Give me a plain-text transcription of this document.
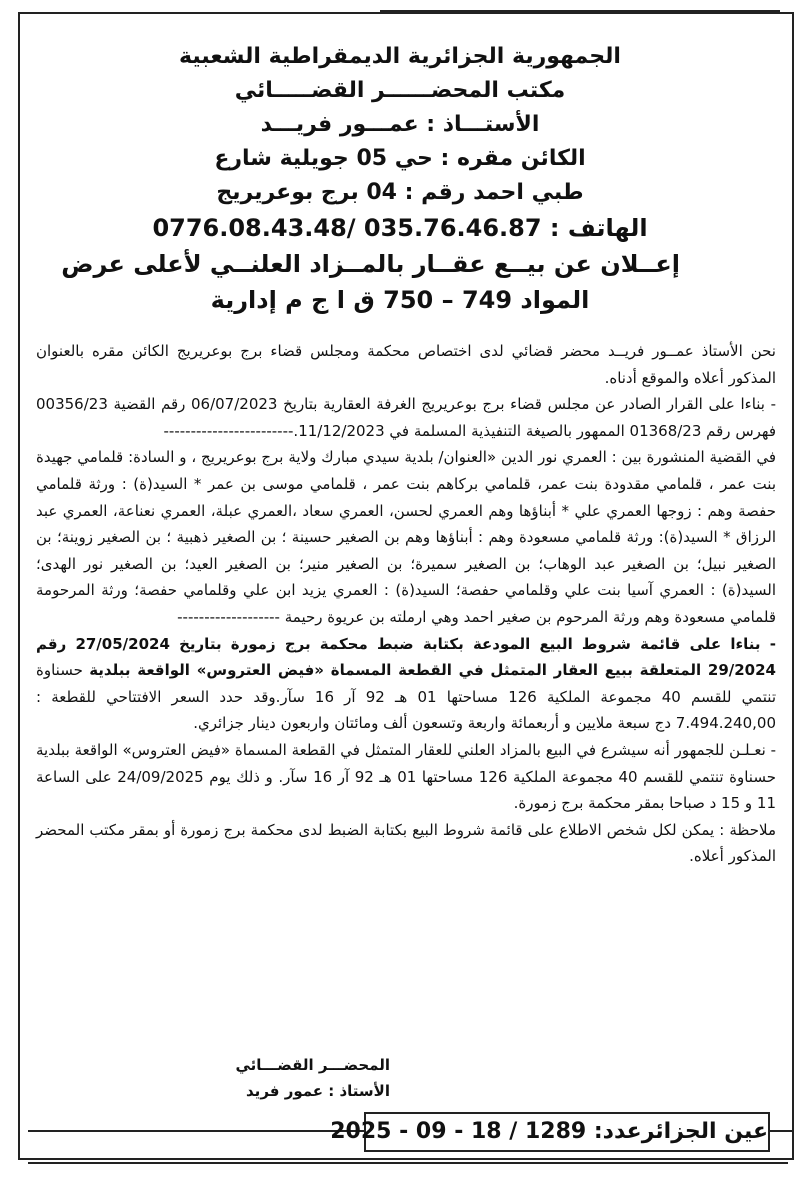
الجمهورية الجزائرية الديمقراطية الشعبية

مكتب المحضــــــر القضـــــائي

الأستـــاذ : عمـــور فريـــد

الكائن مقره : حي 05 جويلية شارع

طبي احمد رقم : 04 برج بوعريريج

الهاتف : 035.76.46.87 /0776.08.43.48

إعــلان عن بيــع عقــار بالمــزاد العلنــي لأعلى عرض

المواد 749 – 750 ق ا ج م إدارية

نحن الأستاذ عمــور فريــد محضر قضائي لدى اختصاص محكمة ومجلس قضاء برج بوعريريج الكائن مقره بالعنوان المذكور أعلاه والموقع أدناه.

- بناءا على القرار الصادر عن مجلس قضاء برج بوعريريج الغرفة العقارية بتاريخ 06/07/2023 رقم القضية 00356/23 فهرس رقم 01368/23 الممهور بالصيغة التنفيذية المسلمة في 11/12/2023.------------------------

في القضية المنشورة بين : العمري نور الدين «العنوان/ بلدية سيدي مبارك ولاية برج بوعريريج ، و السادة: قلمامي جهيدة بنت عمر ، قلمامي مقدودة بنت عمر، قلمامي بركاهم بنت عمر ، قلمامي موسى بن عمر * السيد(ة) : ورثة قلمامي حفصة وهم : زوجها العمري علي * أبناؤها وهم العمري لحسن، العمري سعاد ،العمري عبلة، العمري نعناعة، العمري عبد الرزاق * السيد(ة): ورثة قلمامي مسعودة وهم : أبناؤها وهم بن الصغير حسينة ؛ بن الصغير ذهبية ؛ بن الصغير زوينة؛ بن الصغير نبيل؛ بن الصغير عبد الوهاب؛ بن الصغير سميرة؛ بن الصغير منير؛ بن الصغير العيد؛ بن الصغير نور الهدى؛ السيد(ة) : العمري آسيا بنت علي وقلمامي حفصة؛ السيد(ة) : العمري يزيد ابن علي وقلمامي حفصة؛ ورثة المرحومة قلمامي مسعودة وهم ورثة المرحوم بن صغير احمد وهي ارملته بن عريوة رحيمة -------------------

- بناءا على قائمة شروط البيع المودعة بكتابة ضبط محكمة برج زمورة بتاريخ 27/05/2024 رقم 29/2024 المتعلقة ببيع العقار المتمثل في القطعة المسماة «فيض العتروس» الواقعة ببلدية حسناوة تنتمي للقسم 40 مجموعة الملكية 126 مساحتها 01 هـ 92 آر 16 سآر.وقد حدد السعر الافتتاحي للقطعة : 7.494.240,00 دج سبعة ملايين و أربعمائة واربعة وتسعون ألف ومائتان واربعون دينار جزائري.

- نعـلـن للجمهور أنه سيشرع في البيع بالمزاد العلني للعقار المتمثل في القطعة المسماة «فيض العتروس» الواقعة ببلدية حسناوة تنتمي للقسم 40 مجموعة الملكية 126 مساحتها 01 هـ 92 آر 16 سآر. و ذلك يوم 24/09/2025 على الساعة 11 و 15 د صباحا بمقر محكمة برج زمورة.

ملاحظة : يمكن لكل شخص الاطلاع على قائمة شروط البيع بكتابة الضبط لدى محكمة برج زمورة أو بمقر مكتب المحضر المذكور أعلاه.

المحضـــر القضـــائي
الأستاذ : عمور فريد
عين الجزائرعدد: 1289 / 18 - 09 - 2025
